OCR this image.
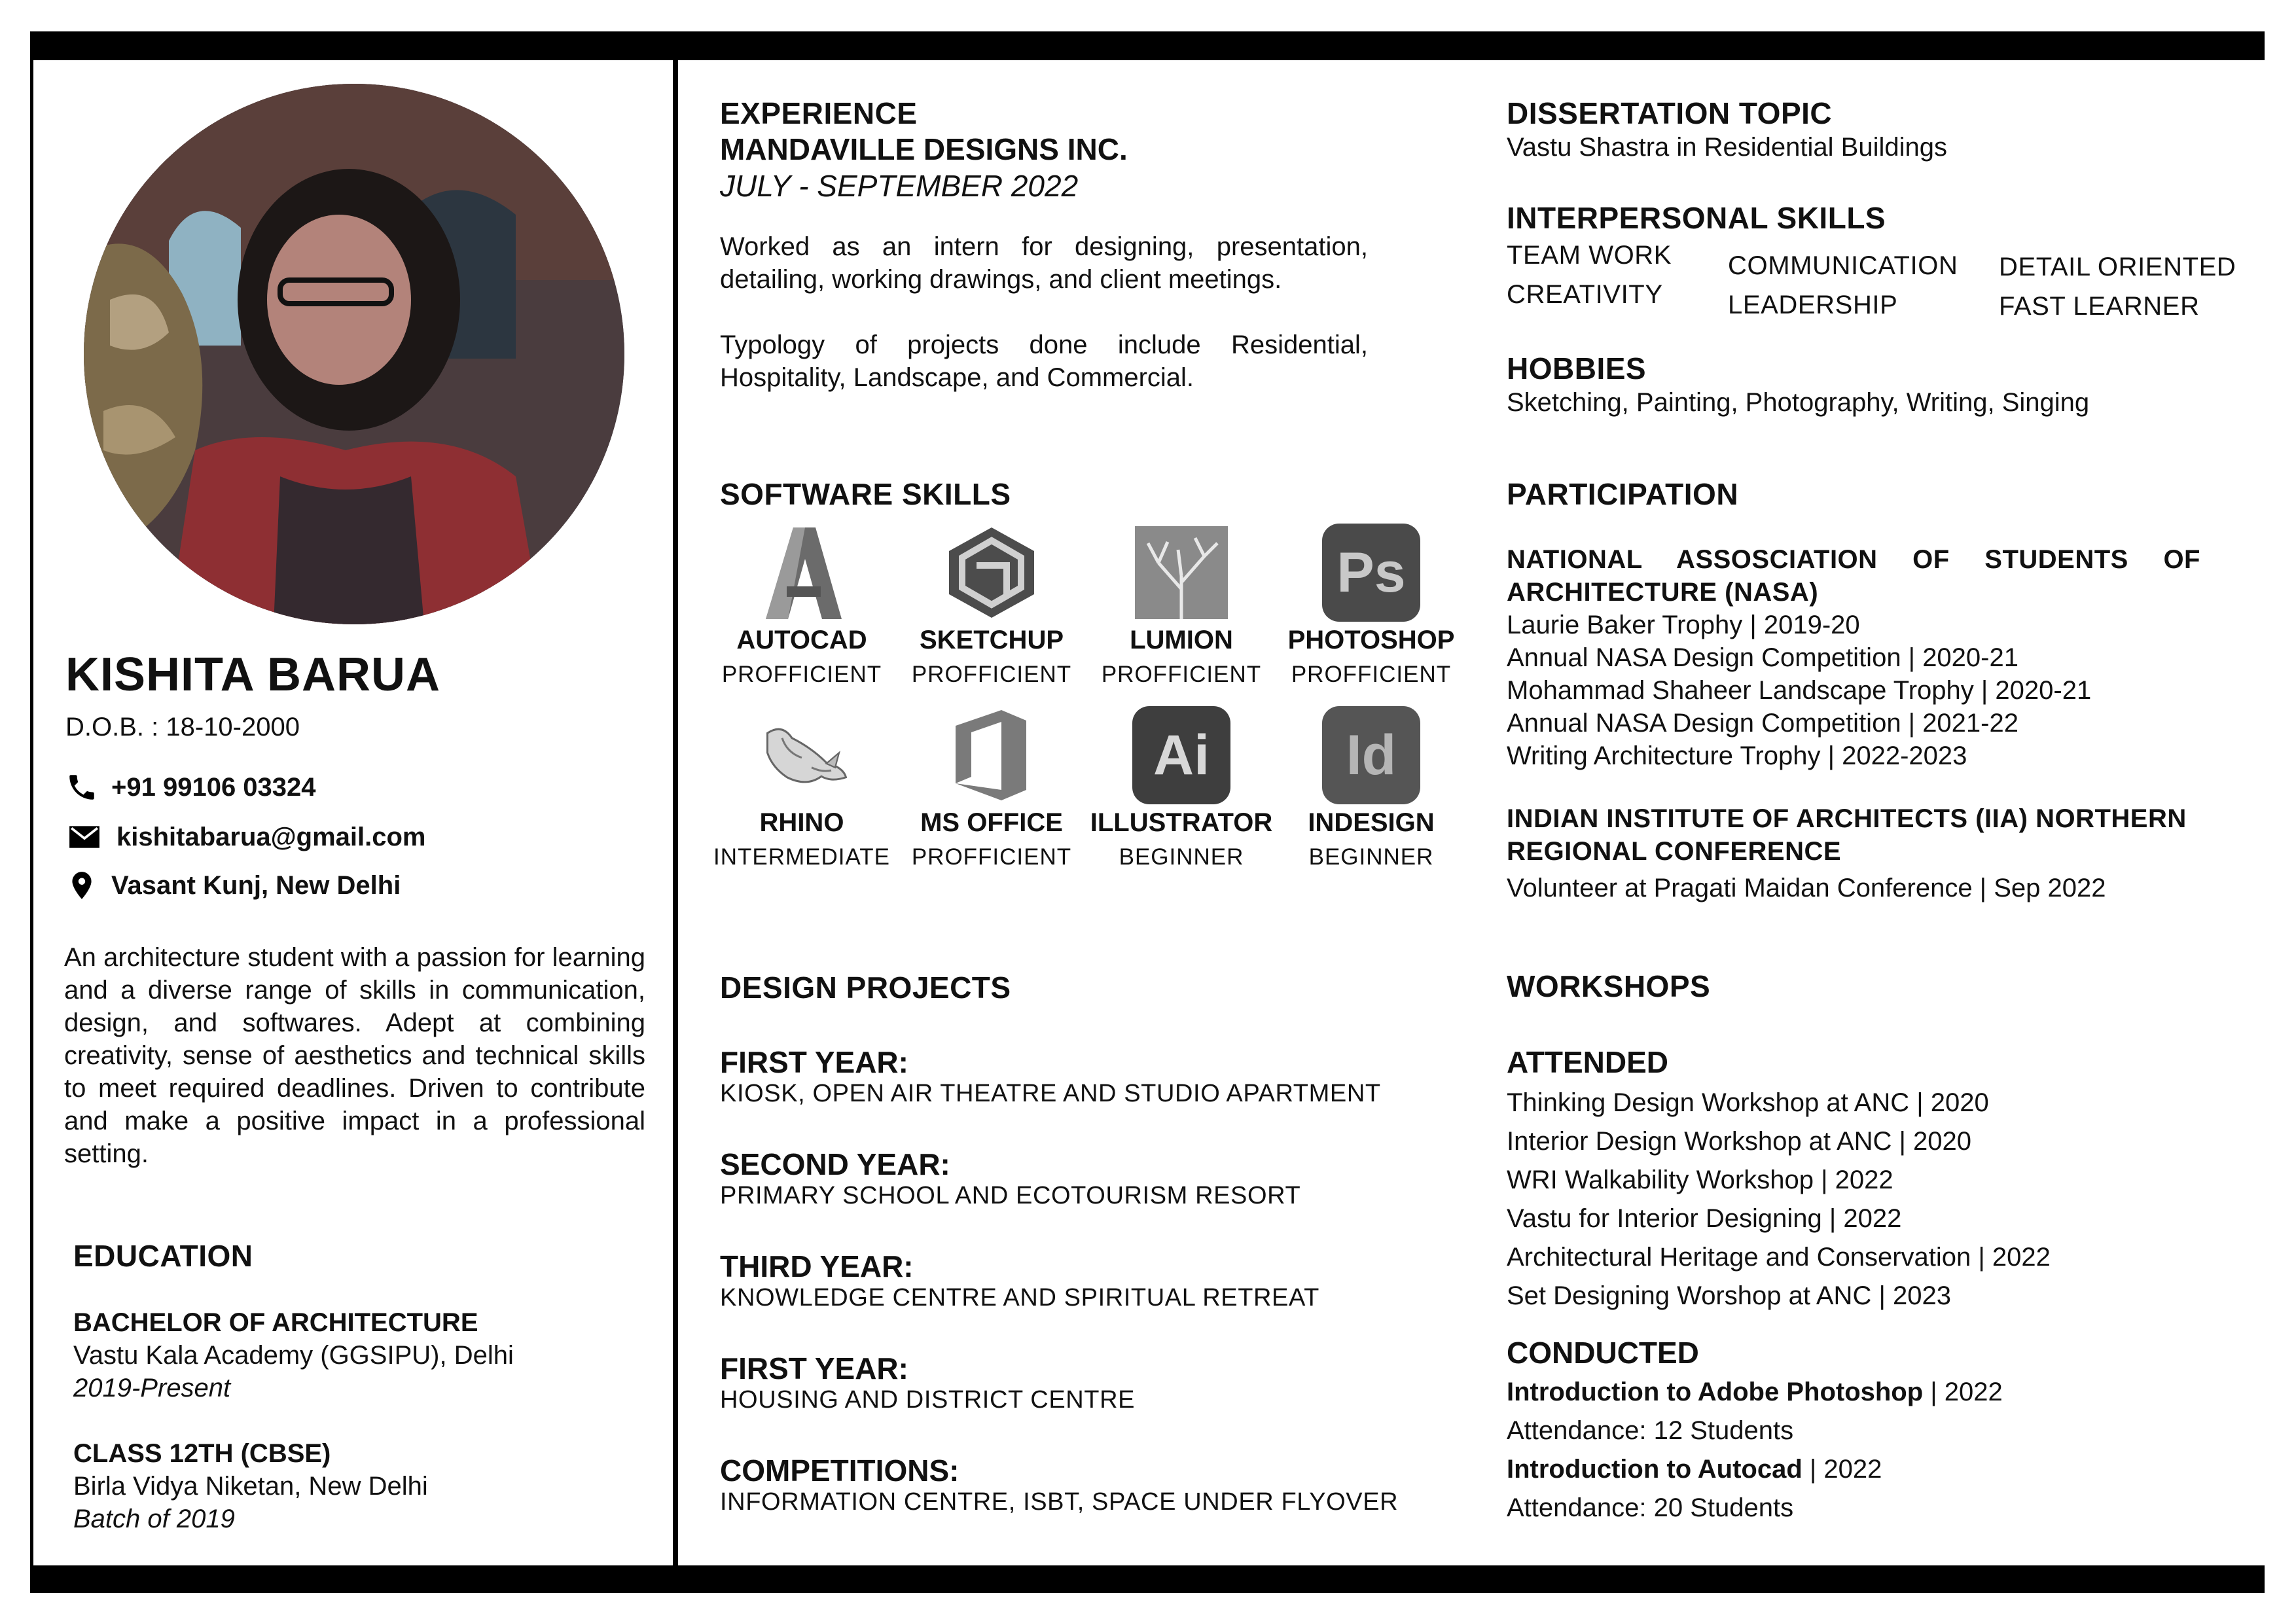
KISHITA BARUA
D.O.B. : 18-10-2000
+91 99106 03324
kishitabarua@gmail.com
Vasant Kunj, New Delhi
An architecture student with a passion for learning and a diverse range of skills in communication, design, and softwares. Adept at combining creativity, sense of aesthetics and technical skills to meet required deadlines. Driven to contribute and make a positive impact in a professional setting.
EDUCATION
BACHELOR OF ARCHITECTURE
Vastu Kala Academy (GGSIPU), Delhi
2019-Present
CLASS 12TH (CBSE)
Birla Vidya Niketan, New Delhi
Batch of 2019
EXPERIENCE
MANDAVILLE DESIGNS INC.
JULY - SEPTEMBER 2022
Worked as an intern for designing, presentation, detailing, working drawings, and client meetings.
Typology of projects done include Residential, Hospitality, Landscape, and Commercial.
SOFTWARE SKILLS
AUTOCAD
PROFFICIENT
SKETCHUP
PROFFICIENT
LUMION
PROFFICIENT
Ps
PHOTOSHOP
PROFFICIENT
RHINO
INTERMEDIATE
MS OFFICE
PROFFICIENT
Ai
ILLUSTRATOR
BEGINNER
Id
INDESIGN
BEGINNER
DESIGN PROJECTS
FIRST YEAR:
KIOSK, OPEN AIR THEATRE AND STUDIO APARTMENT
SECOND YEAR:
PRIMARY SCHOOL AND ECOTOURISM RESORT
THIRD YEAR:
KNOWLEDGE CENTRE AND SPIRITUAL RETREAT
FIRST YEAR:
HOUSING AND DISTRICT CENTRE
COMPETITIONS:
INFORMATION CENTRE, ISBT, SPACE UNDER FLYOVER
DISSERTATION TOPIC
Vastu Shastra in Residential Buildings
INTERPERSONAL SKILLS
TEAM WORK
CREATIVITY
COMMUNICATION
LEADERSHIP
DETAIL ORIENTED
FAST LEARNER
HOBBIES
Sketching, Painting, Photography, Writing, Singing
PARTICIPATION
NATIONAL ASSOSCIATION OF STUDENTS OF ARCHITECTURE (NASA)
Laurie Baker Trophy | 2019-20
Annual NASA Design Competition | 2020-21
Mohammad Shaheer Landscape Trophy | 2020-21
Annual NASA Design Competition | 2021-22
Writing Architecture Trophy | 2022-2023
INDIAN INSTITUTE OF ARCHITECTS (IIA) NORTHERN REGIONAL CONFERENCE
Volunteer at Pragati Maidan Conference | Sep 2022
WORKSHOPS
ATTENDED
Thinking Design Workshop at ANC | 2020
Interior Design Workshop at ANC | 2020
WRI Walkability Workshop | 2022
Vastu for Interior Designing | 2022
Architectural Heritage and Conservation | 2022
Set Designing Worshop at ANC | 2023
CONDUCTED
Introduction to Adobe Photoshop | 2022
Attendance: 12 Students
Introduction to Autocad | 2022
Attendance: 20 Students
